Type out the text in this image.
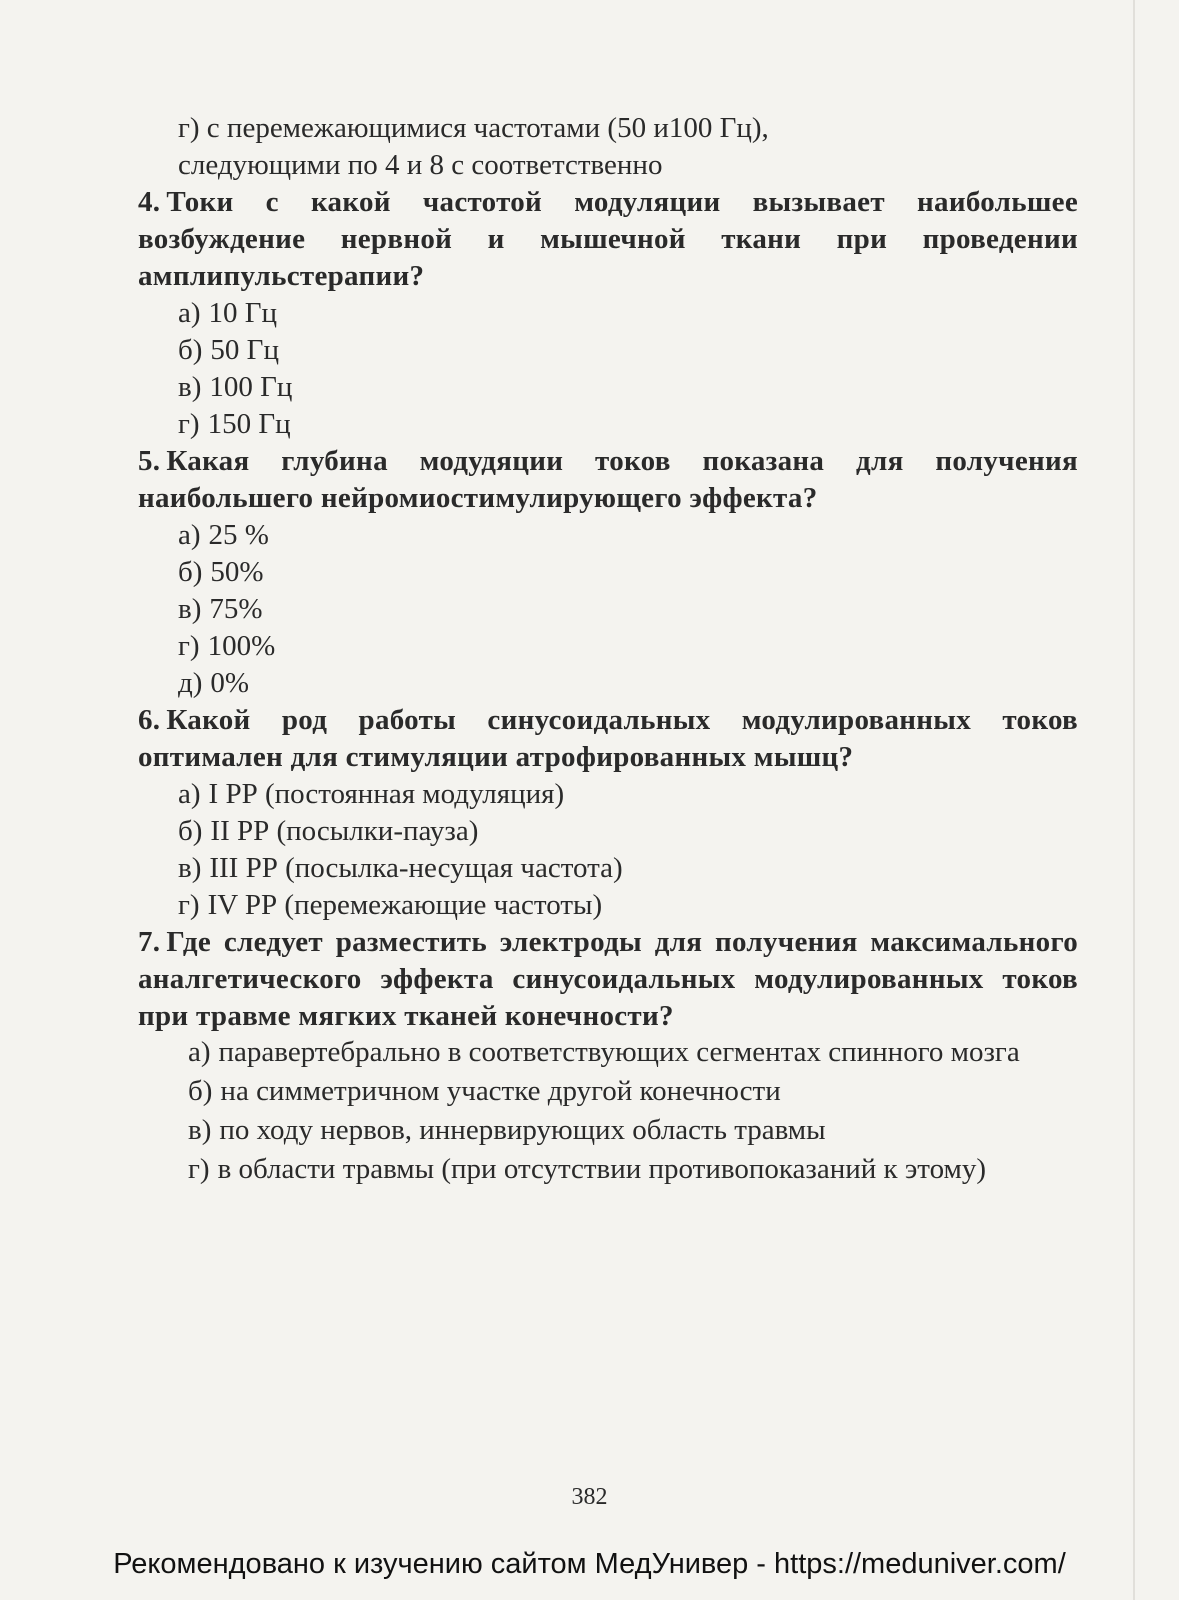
г) с перемежающимися частотами (50 и100 Гц),
следующими по 4 и 8 с соответственно
4. Токи с какой частотой модуляции вызывает наибольшее возбуждение нервной и мышечной ткани при проведении амплипульстерапии?
а) 10 Гц
б) 50 Гц
в) 100 Гц
г) 150 Гц
5. Какая глубина модудяции токов показана для получения наибольшего нейромиостимулирующего эффекта?
а) 25 %
б) 50%
в) 75%
г) 100%
д) 0%
6. Какой род работы синусоидальных модулированных токов оптимален для стимуляции атрофированных мышц?
а) I РР (постоянная модуляция)
б) II РР (посылки-пауза)
в) III РР (посылка-несущая частота)
г) IV РР (перемежающие частоты)
7. Где следует разместить электроды для получения максимального аналгетического эффекта синусоидальных модулированных токов при травме мягких тканей конечности?
а) паравертебрально в соответствующих сегментах спинного мозга
б) на симметричном участке другой конечности
в) по ходу нервов, иннервирующих область травмы
г) в области травмы (при отсутствии противопоказаний к этому)
382
Рекомендовано к изучению сайтом МедУнивер - https://meduniver.com/
